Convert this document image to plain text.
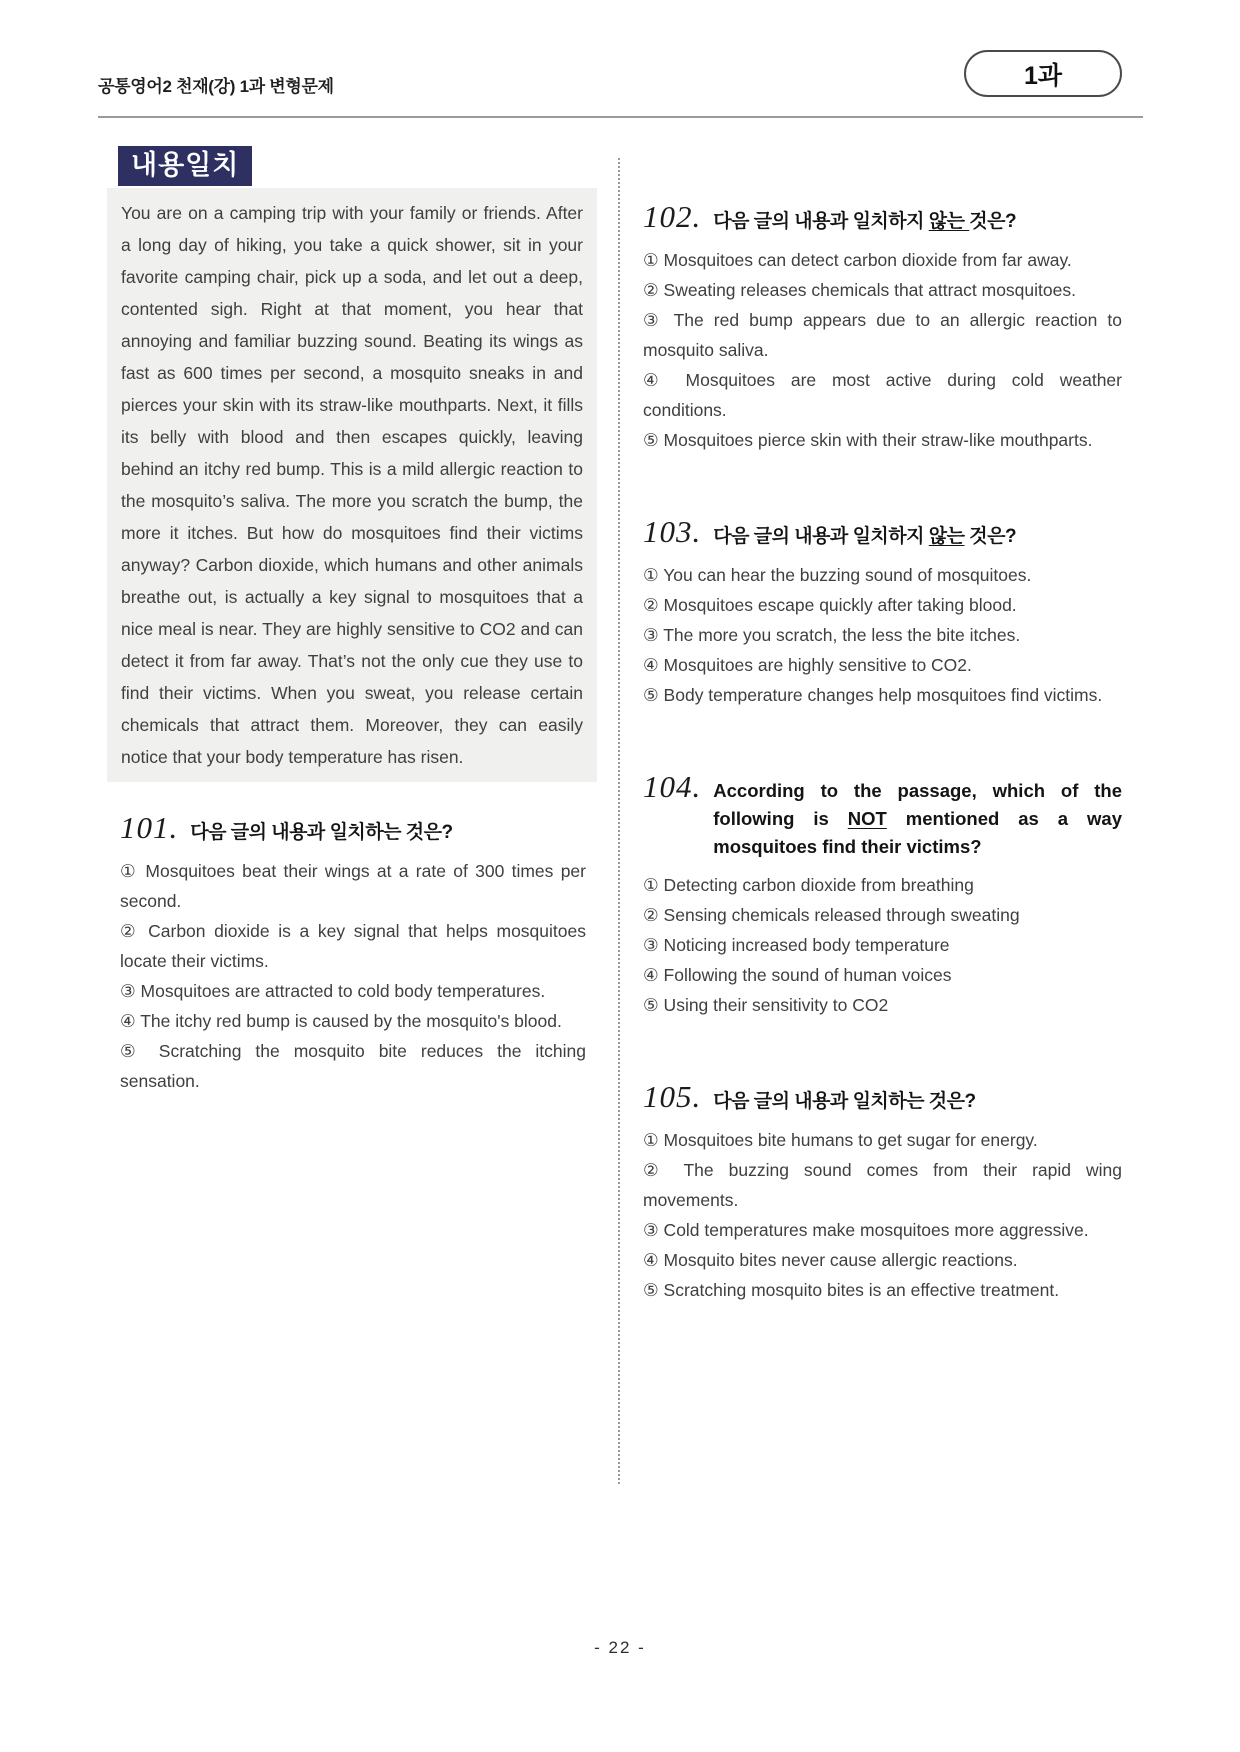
공통영어2 천재(강) 1과 변형문제	1과
내용일치
You are on a camping trip with your family or friends. After a long day of hiking, you take a quick shower, sit in your favorite camping chair, pick up a soda, and let out a deep, contented sigh. Right at that moment, you hear that annoying and familiar buzzing sound. Beating its wings as fast as 600 times per second, a mosquito sneaks in and pierces your skin with its straw-like mouthparts. Next, it fills its belly with blood and then escapes quickly, leaving behind an itchy red bump. This is a mild allergic reaction to the mosquito’s saliva. The more you scratch the bump, the more it itches. But how do mosquitoes find their victims anyway? Carbon dioxide, which humans and other animals breathe out, is actually a key signal to mosquitoes that a nice meal is near. They are highly sensitive to CO2 and can detect it from far away. That’s not the only cue they use to find their victims. When you sweat, you release certain chemicals that attract them. Moreover, they can easily notice that your body temperature has risen.
101. 다음 글의 내용과 일치하는 것은?
① Mosquitoes beat their wings at a rate of 300 times per second.
② Carbon dioxide is a key signal that helps mosquitoes locate their victims.
③ Mosquitoes are attracted to cold body temperatures.
④ The itchy red bump is caused by the mosquito's blood.
⑤ Scratching the mosquito bite reduces the itching sensation.
102. 다음 글의 내용과 일치하지 않는 것은?
① Mosquitoes can detect carbon dioxide from far away.
② Sweating releases chemicals that attract mosquitoes.
③ The red bump appears due to an allergic reaction to mosquito saliva.
④ Mosquitoes are most active during cold weather conditions.
⑤ Mosquitoes pierce skin with their straw-like mouthparts.
103. 다음 글의 내용과 일치하지 않는 것은?
① You can hear the buzzing sound of mosquitoes.
② Mosquitoes escape quickly after taking blood.
③ The more you scratch, the less the bite itches.
④ Mosquitoes are highly sensitive to CO2.
⑤ Body temperature changes help mosquitoes find victims.
104. According to the passage, which of the following is NOT mentioned as a way mosquitoes find their victims?
① Detecting carbon dioxide from breathing
② Sensing chemicals released through sweating
③ Noticing increased body temperature
④ Following the sound of human voices
⑤ Using their sensitivity to CO2
105. 다음 글의 내용과 일치하는 것은?
① Mosquitoes bite humans to get sugar for energy.
② The buzzing sound comes from their rapid wing movements.
③ Cold temperatures make mosquitoes more aggressive.
④ Mosquito bites never cause allergic reactions.
⑤ Scratching mosquito bites is an effective treatment.
- 22 -
